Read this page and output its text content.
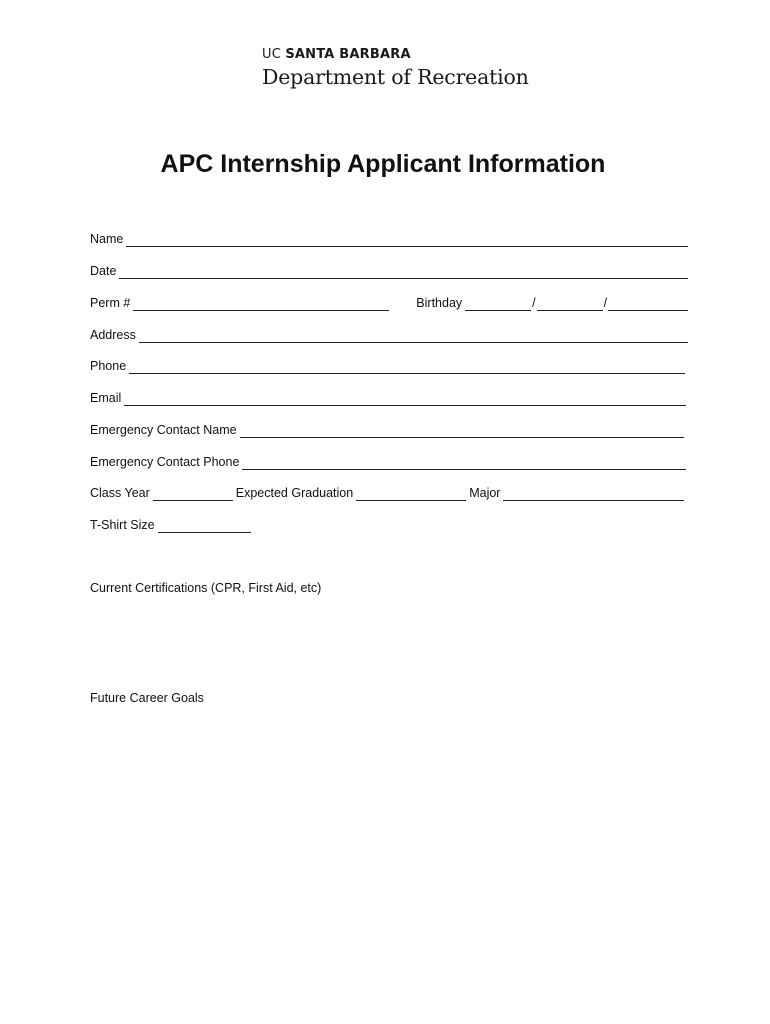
UC SANTA BARBARA
Department of Recreation
APC Internship Applicant Information
Name
Date
Perm #	Birthday	/	/
Address
Phone
Email
Emergency Contact Name
Emergency Contact Phone
Class Year	Expected Graduation	Major
T-Shirt Size
Current Certifications (CPR, First Aid, etc)
Future Career Goals
